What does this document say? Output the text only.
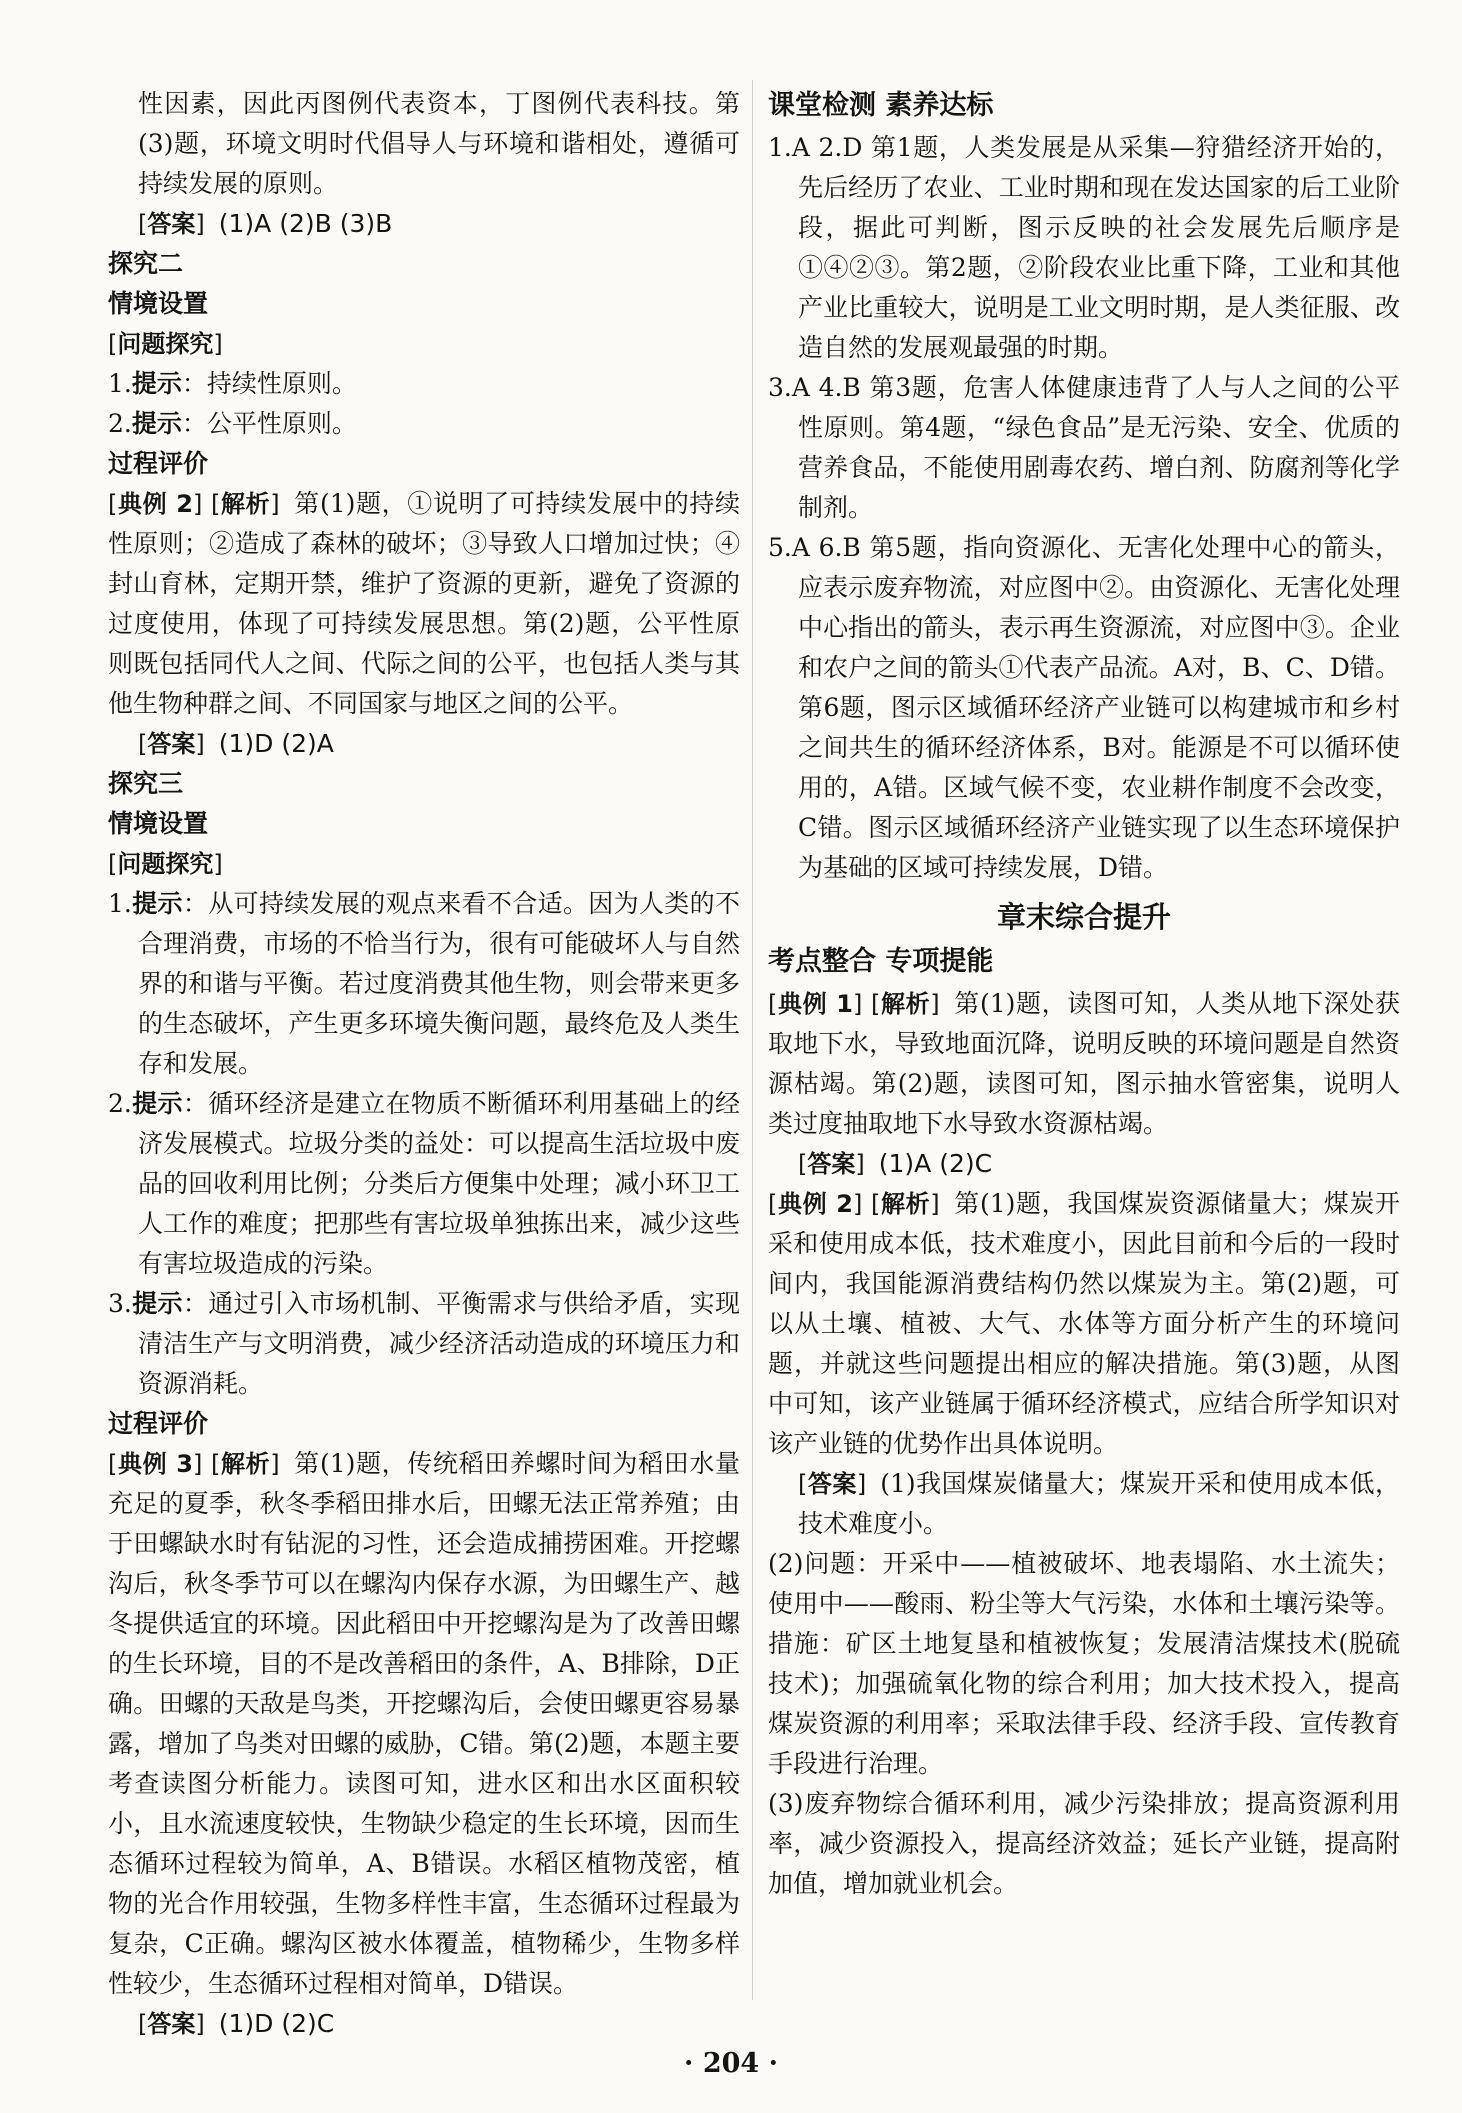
性因素，因此丙图例代表资本，丁图例代表科技。第(3)题，环境文明时代倡导人与环境和谐相处，遵循可持续发展的原则。

[ 答案 ] (1)A (2)B (3)B

探究二

情境设置

[ 问题探究 ]

1.提示：持续性原则。

2.提示：公平性原则。

过程评价

[ 典例 2 ] [ 解析 ] 第(1)题，①说明了可持续发展中的持续性原则；②造成了森林的破坏；③导致人口增加过快；④封山育林，定期开禁，维护了资源的更新，避免了资源的过度使用，体现了可持续发展思想。第(2)题，公平性原则既包括同代人之间、代际之间的公平，也包括人类与其他生物种群之间、不同国家与地区之间的公平。

[ 答案 ] (1)D (2)A

探究三

情境设置

[ 问题探究 ]

1.提示：从可持续发展的观点来看不合适。因为人类的不合理消费，市场的不恰当行为，很有可能破坏人与自然界的和谐与平衡。若过度消费其他生物，则会带来更多的生态破坏，产生更多环境失衡问题，最终危及人类生存和发展。

2.提示：循环经济是建立在物质不断循环利用基础上的经济发展模式。垃圾分类的益处：可以提高生活垃圾中废品的回收利用比例；分类后方便集中处理；减小环卫工人工作的难度；把那些有害垃圾单独拣出来，减少这些有害垃圾造成的污染。

3.提示：通过引入市场机制、平衡需求与供给矛盾，实现清洁生产与文明消费，减少经济活动造成的环境压力和资源消耗。

过程评价

[ 典例 3 ] [ 解析 ] 第(1)题，传统稻田养螺时间为稻田水量充足的夏季，秋冬季稻田排水后，田螺无法正常养殖；由于田螺缺水时有钻泥的习性，还会造成捕捞困难。开挖螺沟后，秋冬季节可以在螺沟内保存水源，为田螺生产、越冬提供适宜的环境。因此稻田中开挖螺沟是为了改善田螺的生长环境，目的不是改善稻田的条件，A、B排除，D正确。田螺的天敌是鸟类，开挖螺沟后，会使田螺更容易暴露，增加了鸟类对田螺的威胁，C错。第(2)题，本题主要考查读图分析能力。读图可知，进水区和出水区面积较小，且水流速度较快，生物缺少稳定的生长环境，因而生态循环过程较为简单，A、B错误。水稻区植物茂密，植物的光合作用较强，生物多样性丰富，生态循环过程最为复杂，C正确。螺沟区被水体覆盖，植物稀少，生物多样性较少，生态循环过程相对简单，D错误。

[ 答案 ] (1)D (2)C

课堂检测 素养达标

1.A 2.D 第1题，人类发展是从采集—狩猎经济开始的，先后经历了农业、工业时期和现在发达国家的后工业阶段，据此可判断，图示反映的社会发展先后顺序是①④②③。第2题，②阶段农业比重下降，工业和其他产业比重较大，说明是工业文明时期，是人类征服、改造自然的发展观最强的时期。

3.A 4.B 第3题，危害人体健康违背了人与人之间的公平性原则。第4题，“绿色食品”是无污染、安全、优质的营养食品，不能使用剧毒农药、增白剂、防腐剂等化学制剂。

5.A 6.B 第5题，指向资源化、无害化处理中心的箭头，应表示废弃物流，对应图中②。由资源化、无害化处理中心指出的箭头，表示再生资源流，对应图中③。企业和农户之间的箭头①代表产品流。A对，B、C、D错。第6题，图示区域循环经济产业链可以构建城市和乡村之间共生的循环经济体系，B对。能源是不可以循环使用的，A错。区域气候不变，农业耕作制度不会改变，C错。图示区域循环经济产业链实现了以生态环境保护为基础的区域可持续发展，D错。

章末综合提升

考点整合 专项提能

[ 典例 1 ] [ 解析 ] 第(1)题，读图可知，人类从地下深处获取地下水，导致地面沉降，说明反映的环境问题是自然资源枯竭。第(2)题，读图可知，图示抽水管密集，说明人类过度抽取地下水导致水资源枯竭。

[ 答案 ] (1)A (2)C

[ 典例 2 ] [ 解析 ] 第(1)题，我国煤炭资源储量大；煤炭开采和使用成本低，技术难度小，因此目前和今后的一段时间内，我国能源消费结构仍然以煤炭为主。第(2)题，可以从土壤、植被、大气、水体等方面分析产生的环境问题，并就这些问题提出相应的解决措施。第(3)题，从图中可知，该产业链属于循环经济模式，应结合所学知识对该产业链的优势作出具体说明。

[ 答案 ] (1)我国煤炭储量大；煤炭开采和使用成本低，技术难度小。

(2)问题：开采中——植被破坏、地表塌陷、水土流失；使用中——酸雨、粉尘等大气污染，水体和土壤污染等。措施：矿区土地复垦和植被恢复；发展清洁煤技术(脱硫技术)；加强硫氧化物的综合利用；加大技术投入，提高煤炭资源的利用率；采取法律手段、经济手段、宣传教育手段进行治理。

(3)废弃物综合循环利用，减少污染排放；提高资源利用率，减少资源投入，提高经济效益；延长产业链，提高附加值，增加就业机会。

· 204 ·
